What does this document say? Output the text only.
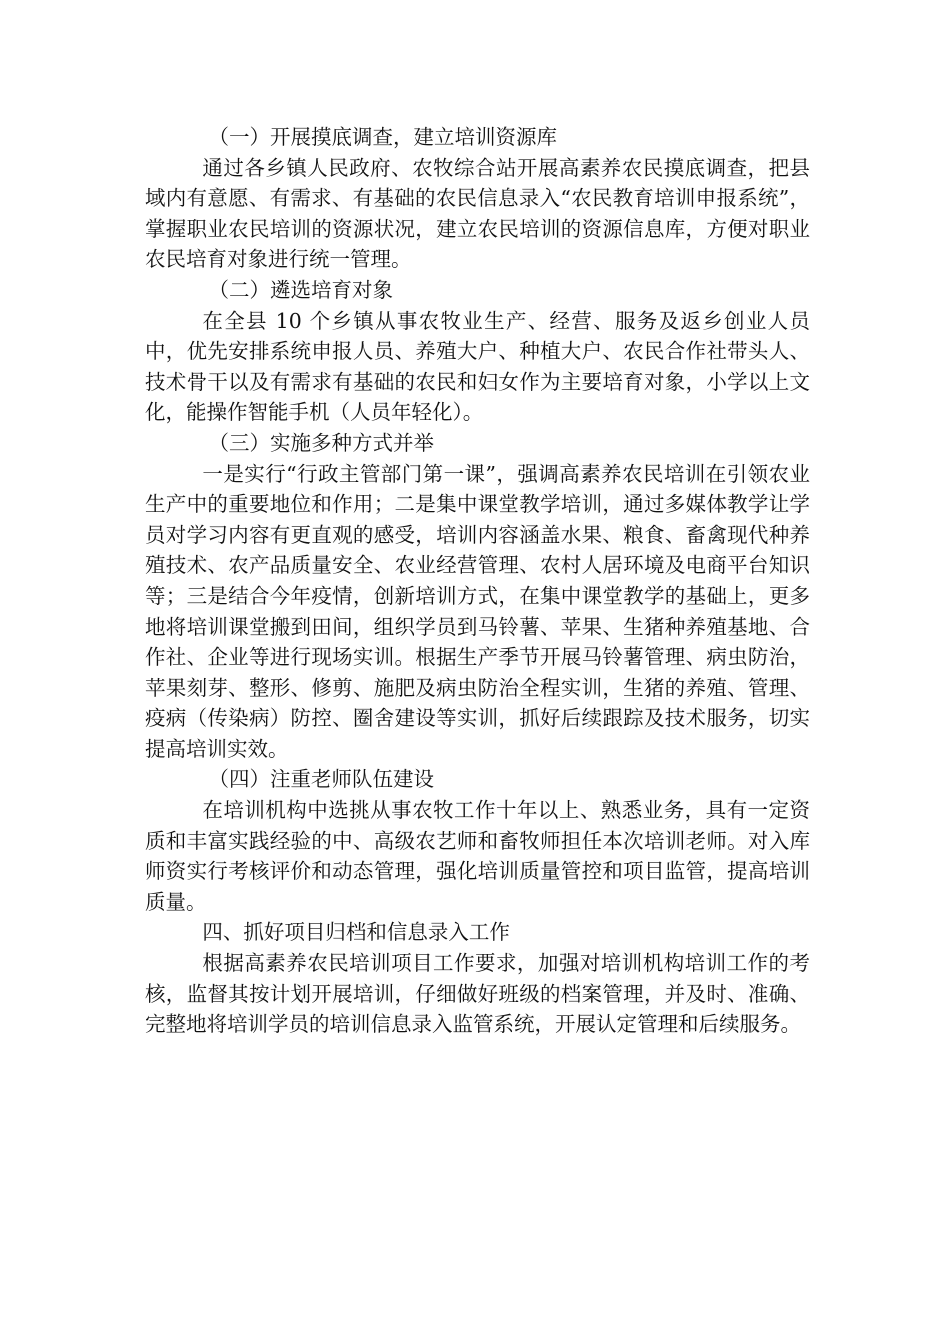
（一）开展摸底调查，建立培训资源库

通过各乡镇人民政府、农牧综合站开展高素养农民摸底调查，把县域内有意愿、有需求、有基础的农民信息录入“农民教育培训申报系统”，掌握职业农民培训的资源状况，建立农民培训的资源信息库，方便对职业农民培育对象进行统一管理。

（二）遴选培育对象

在全县 10 个乡镇从事农牧业生产、经营、服务及返乡创业人员中，优先安排系统申报人员、养殖大户、种植大户、农民合作社带头人、技术骨干以及有需求有基础的农民和妇女作为主要培育对象，小学以上文化，能操作智能手机（人员年轻化）。

（三）实施多种方式并举

一是实行“行政主管部门第一课”，强调高素养农民培训在引领农业生产中的重要地位和作用；二是集中课堂教学培训，通过多媒体教学让学员对学习内容有更直观的感受，培训内容涵盖水果、粮食、畜禽现代种养殖技术、农产品质量安全、农业经营管理、农村人居环境及电商平台知识等；三是结合今年疫情，创新培训方式，在集中课堂教学的基础上，更多地将培训课堂搬到田间，组织学员到马铃薯、苹果、生猪种养殖基地、合作社、企业等进行现场实训。根据生产季节开展马铃薯管理、病虫防治，苹果刻芽、整形、修剪、施肥及病虫防治全程实训，生猪的养殖、管理、疫病（传染病）防控、圈舍建设等实训，抓好后续跟踪及技术服务，切实提高培训实效。

（四）注重老师队伍建设

在培训机构中选挑从事农牧工作十年以上、熟悉业务，具有一定资质和丰富实践经验的中、高级农艺师和畜牧师担任本次培训老师。对入库师资实行考核评价和动态管理，强化培训质量管控和项目监管，提高培训质量。

四、抓好项目归档和信息录入工作

根据高素养农民培训项目工作要求，加强对培训机构培训工作的考核，监督其按计划开展培训，仔细做好班级的档案管理，并及时、准确、完整地将培训学员的培训信息录入监管系统，开展认定管理和后续服务。
